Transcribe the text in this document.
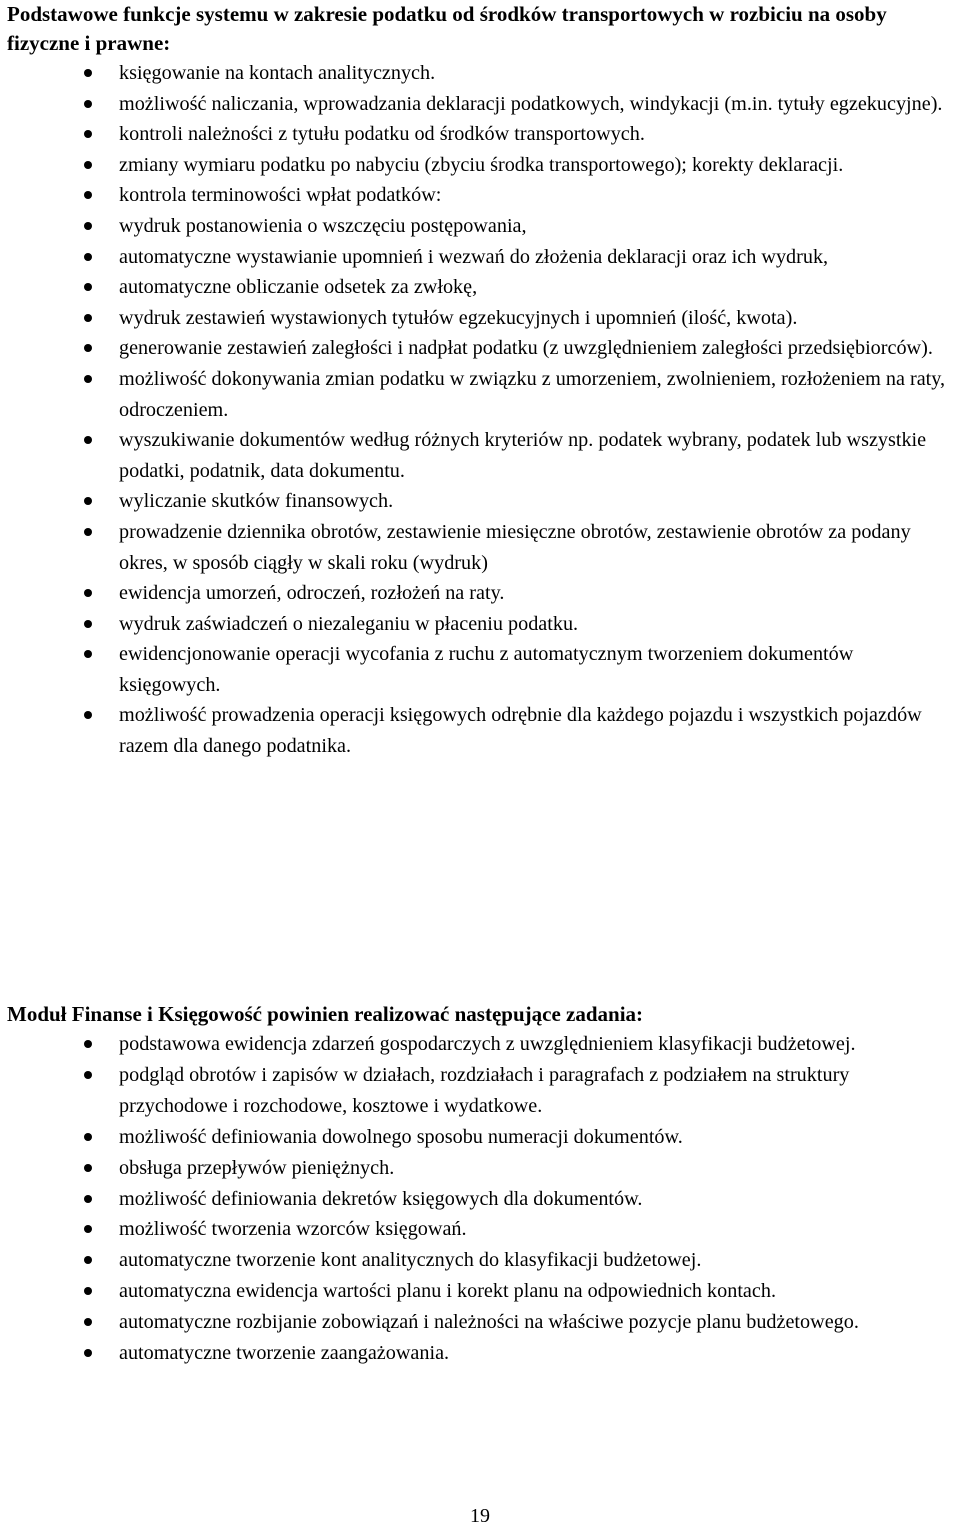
Podstawowe funkcje systemu w zakresie podatku od środków transportowych w rozbiciu na osoby fizyczne i prawne:
księgowanie na kontach analitycznych.
możliwość naliczania, wprowadzania deklaracji podatkowych, windykacji (m.in. tytuły egzekucyjne).
kontroli należności z tytułu podatku od środków transportowych.
zmiany wymiaru podatku po nabyciu (zbyciu środka transportowego); korekty deklaracji.
kontrola terminowości wpłat podatków:
wydruk postanowienia o wszczęciu postępowania,
automatyczne wystawianie upomnień i wezwań do złożenia deklaracji oraz ich wydruk,
automatyczne obliczanie odsetek za zwłokę,
wydruk zestawień wystawionych tytułów egzekucyjnych i upomnień (ilość, kwota).
generowanie zestawień zaległości i nadpłat podatku (z uwzględnieniem zaległości przedsiębiorców).
możliwość dokonywania zmian podatku w związku z umorzeniem, zwolnieniem, rozłożeniem na raty, odroczeniem.
wyszukiwanie dokumentów według różnych kryteriów np. podatek wybrany, podatek lub wszystkie podatki, podatnik, data dokumentu.
wyliczanie skutków finansowych.
prowadzenie dziennika obrotów, zestawienie miesięczne obrotów, zestawienie obrotów za podany okres, w sposób ciągły w skali roku (wydruk)
ewidencja umorzeń, odroczeń, rozłożeń na raty.
wydruk zaświadczeń o niezaleganiu w płaceniu podatku.
ewidencjonowanie operacji wycofania z ruchu z automatycznym tworzeniem dokumentów księgowych.
możliwość prowadzenia operacji księgowych odrębnie dla każdego pojazdu i wszystkich pojazdów razem dla danego podatnika.
Moduł Finanse i Księgowość powinien realizować następujące zadania:
podstawowa ewidencja zdarzeń gospodarczych z uwzględnieniem klasyfikacji budżetowej.
podgląd obrotów i zapisów w działach, rozdziałach i paragrafach z podziałem na struktury przychodowe i rozchodowe, kosztowe i wydatkowe.
możliwość definiowania dowolnego sposobu numeracji dokumentów.
obsługa przepływów pieniężnych.
możliwość definiowania dekretów księgowych dla dokumentów.
możliwość tworzenia wzorców księgowań.
automatyczne tworzenie kont analitycznych do klasyfikacji budżetowej.
automatyczna ewidencja wartości planu i korekt planu na odpowiednich kontach.
automatyczne rozbijanie zobowiązań i należności na właściwe pozycje planu budżetowego.
automatyczne tworzenie zaangażowania.
19
